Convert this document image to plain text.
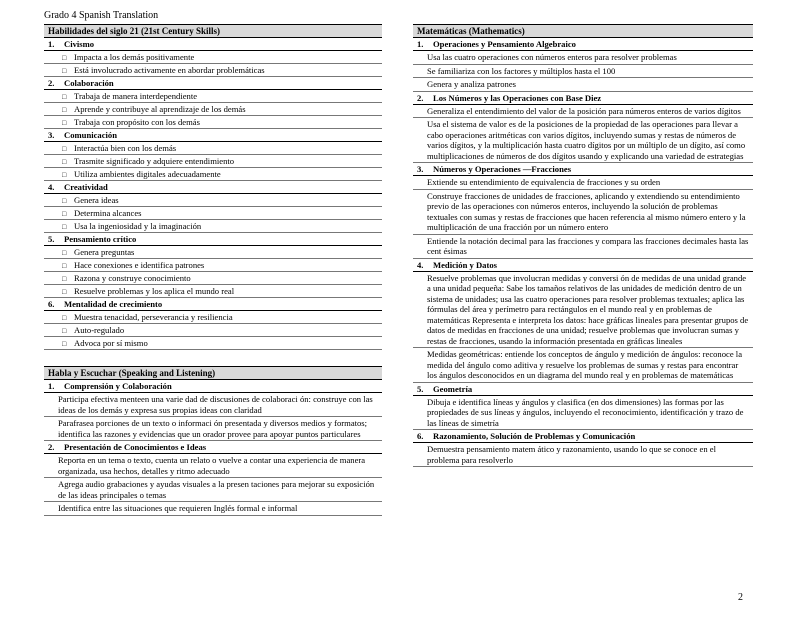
Grado 4 Spanish Translation
Habilidades del siglo 21 (21st Century Skills)
1. Civismo
□ Impacta a los demás positivamente
□ Está involucrado activamente en abordar problemáticas
2. Colaboración
□ Trabaja de manera interdependiente
□ Aprende y contribuye al aprendizaje de los demás
□ Trabaja con propósito con los demás
3. Comunicación
□ Interactúa bien con los demás
□ Trasmite significado y adquiere entendimiento
□ Utiliza ambientes digitales adecuadamente
4. Creatividad
□ Genera ideas
□ Determina alcances
□ Usa la ingeniosidad y la imaginación
5. Pensamiento crítico
□ Genera preguntas
□ Hace conexiones e identifica patrones
□ Razona y construye conocimiento
□ Resuelve problemas y los aplica el mundo real
6. Mentalidad de crecimiento
□ Muestra tenacidad, perseverancia y resiliencia
□ Auto-regulado
□ Advoca por sí mismo
Habla y Escuchar (Speaking and Listening)
1. Comprensión y Colaboración
Participa efectiva menteen una varie dad de discusiones de colaboraci ón: construye con las ideas de los demás y expresa sus propias ideas con claridad
Parafrasea porciones de un texto o informaci ón presentada y diversos medios y formatos; identifica las razones y evidencias que un orador provee para apoyar puntos particulares
2. Presentación de Conocimientos e Ideas
Reporta en un tema o texto, cuenta un relato o vuelve a contar una experiencia de manera organizada, usa hechos, detalles y ritmo adecuado
Agrega audio grabaciones y ayudas visuales a la presen taciones para mejorar su exposición de las ideas principales o temas
Identifica entre las situaciones que requieren Inglés formal e informal
Matemáticas (Mathematics)
1. Operaciones y Pensamiento Algebraico
Usa las cuatro operaciones con números enteros para resolver problemas
Se familiariza con los factores y múltiplos hasta el 100
Genera y analiza patrones
2. Los Números y las Operaciones con Base Diez
Generaliza el entendimiento del valor de la posición para números enteros de varios dígitos
Usa el sistema de valor es de la posiciones de la propiedad de las operaciones para llevar a cabo operaciones aritméticas con varios dígitos, incluyendo sumas y restas de números de varios dígitos, y la multiplicación hasta cuatro dígitos por un múltiplo de un dígito, así como multiplicaciones de números de dos dígitos usando y explicando una variedad de estrategias
3. Números y Operaciones —Fracciones
Extiende su entendimiento de equivalencia de fracciones y su orden
Construye fracciones de unidades de fracciones, aplicando y extendiendo su entendimiento previo de las operaciones con números enteros, incluyendo la solución de problemas textuales con sumas y restas de fracciones que hacen referencia al mismo número entero y la multiplicación de una fracción por un número entero
Entiende la notación decimal para las fracciones y compara las fracciones decimales hasta las cent ésimas
4. Medición y Datos
Resuelve problemas que involucran medidas y conversi ón de medidas de una unidad grande a una unidad pequeña: Sabe los tamaños relativos de las unidades de medición dentro de un sistema de unidades; usa las cuatro operaciones para resolver problemas textuales; aplica las fórmulas del área y perímetro para rectángulos en el mundo real y en problemas de matemáticas Representa e interpreta los datos: hace gráficas lineales para presentar grupos de datos de medidas en fracciones de una unidad; resuelve problemas que involucran sumas y restas de fracciones, usando la información presentada en gráficas lineales
Medidas geométricas: entiende los conceptos de ángulo y medición de ángulos: reconoce la medida del ángulo como aditiva y resuelve los problemas de sumas y restas para encontrar los ángulos desconocidos en un diagrama del mundo real y en problemas de matemáticas
5. Geometría
Dibuja e identifica líneas y ángulos y clasifica (en dos dimensiones) las formas por las propiedades de sus líneas y ángulos, incluyendo el reconocimiento, identificación y trazo de las líneas de simetría
6. Razonamiento, Solución de Problemas y Comunicación
Demuestra pensamiento matem ático y razonamiento, usando lo que se conoce en el problema para resolverlo
2
